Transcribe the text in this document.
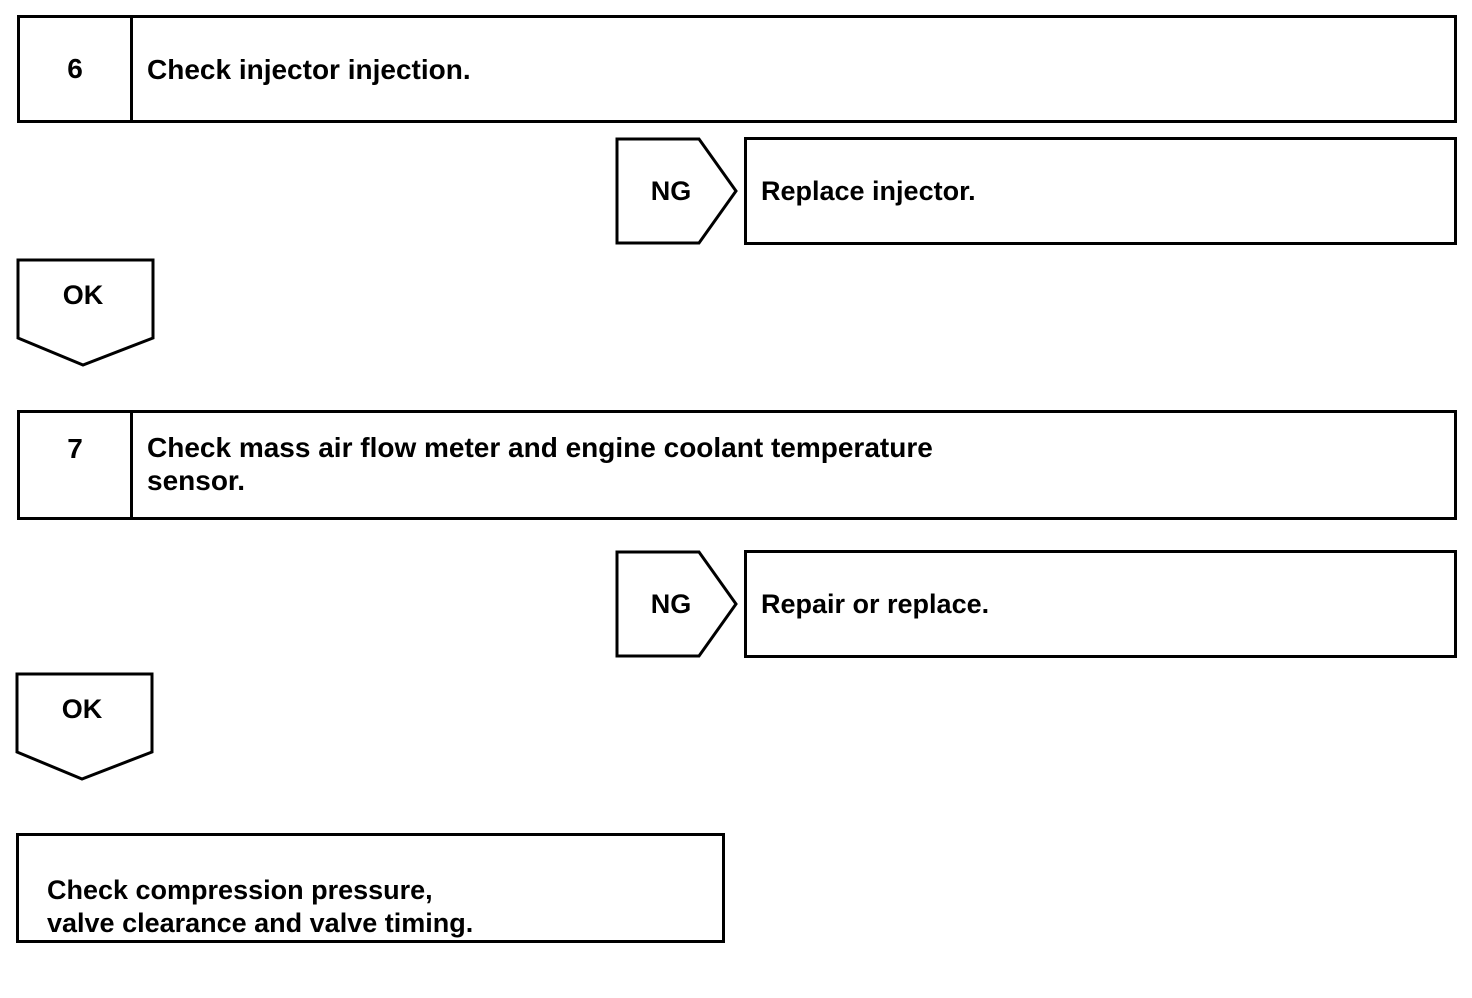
6	Check injector injection.
NG	Replace injector.
OK
7	Check mass air flow meter and engine coolant temperature
sensor.
NG	Repair or replace.
OK

Check compression pressure,
valve clearance and valve timing.
